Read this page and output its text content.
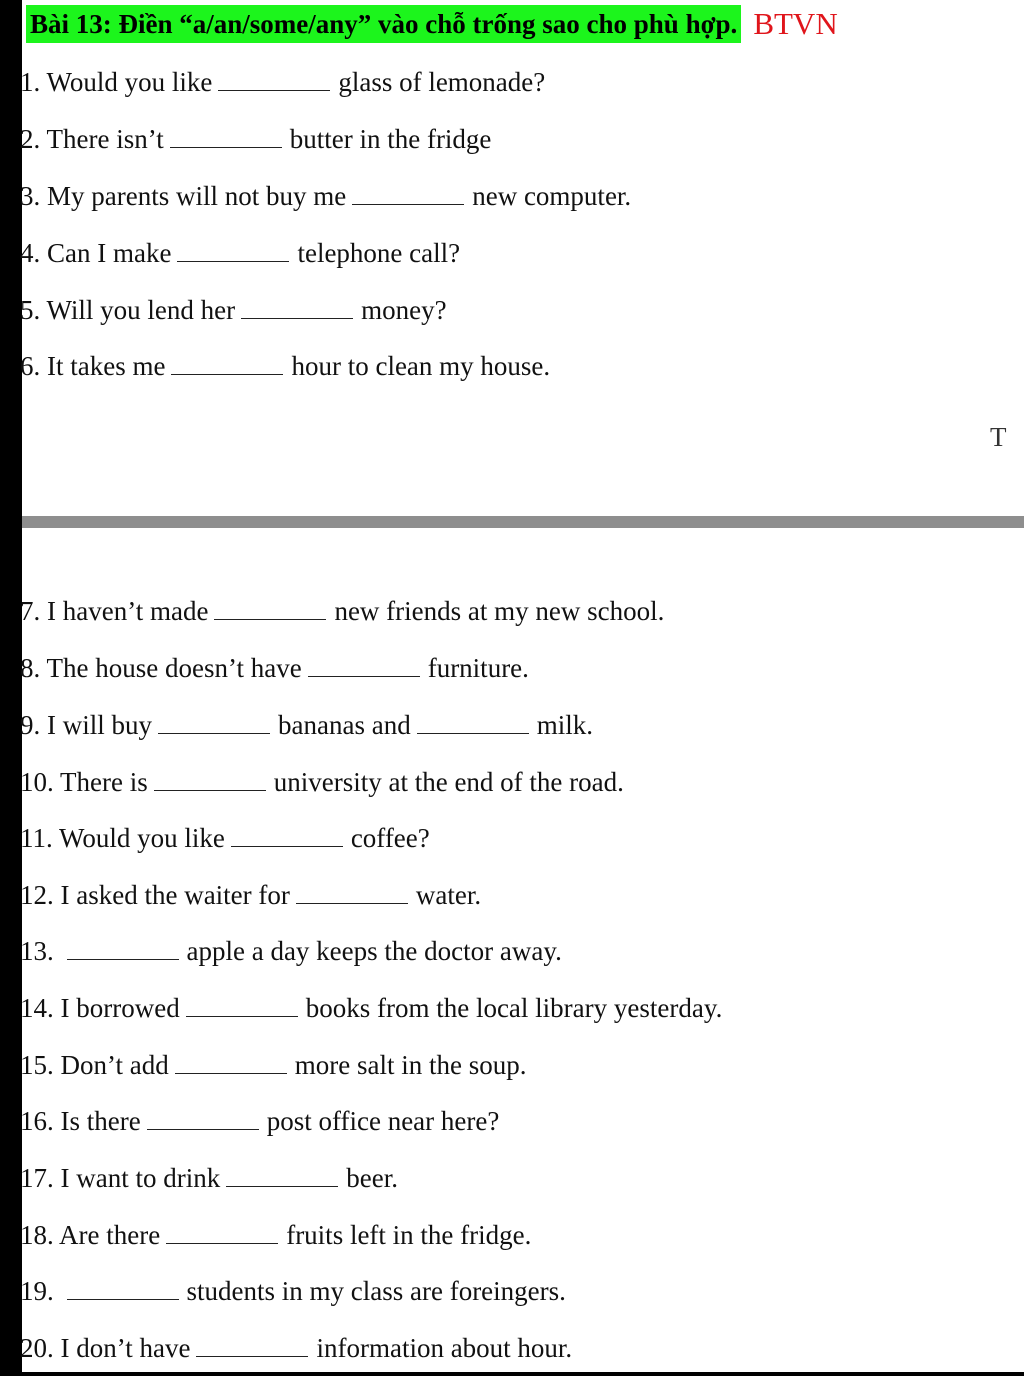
Bài 13: Điền “a/an/some/any” vào chỗ trống sao cho phù hợp. BTVN
T
1. Would you like	glass of lemonade?
2. There isn’t	butter in the fridge
3. My parents will not buy me	new computer.
4. Can I make	telephone call?
5. Will you lend her	money?
6. It takes me	hour to clean my house.
7. I haven’t made	new friends at my new school.
8. The house doesn’t have	furniture.
9. I will buy	bananas and	milk.
10. There is	university at the end of the road.
11. Would you like	coffee?
12. I asked the waiter for	water.
13.	apple a day keeps the doctor away.
14. I borrowed	books from the local library yesterday.
15. Don’t add	more salt in the soup.
16. Is there	post office near here?
17. I want to drink	beer.
18. Are there	fruits left in the fridge.
19.	students in my class are foreingers.
20. I don’t have	information about hour.
